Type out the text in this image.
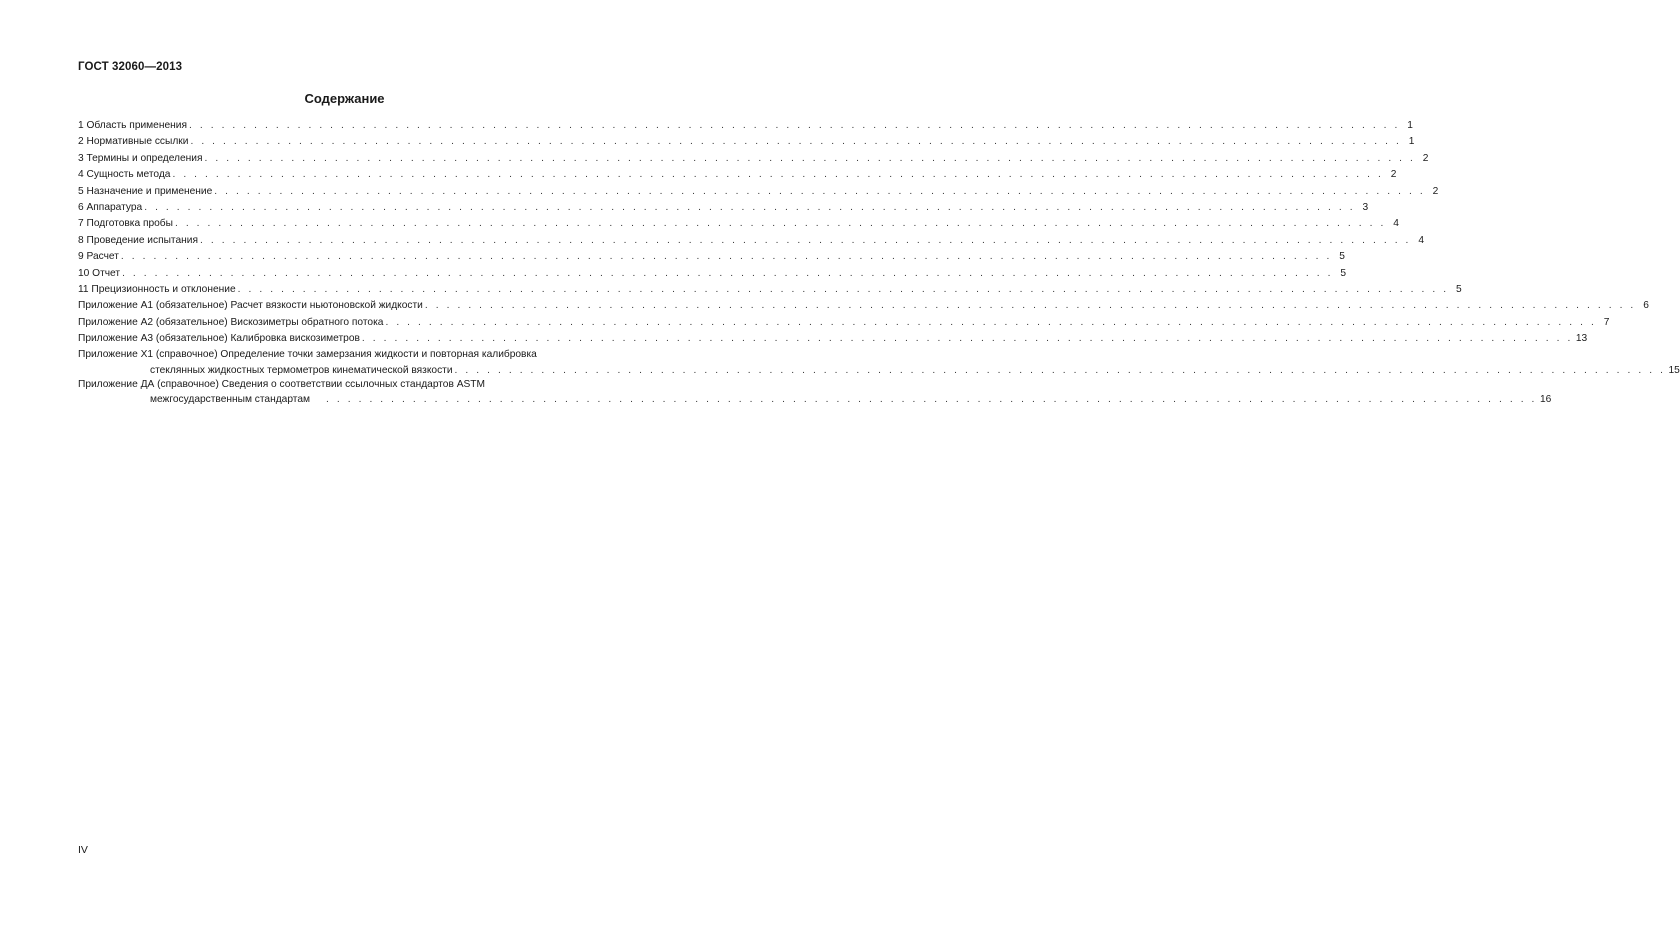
ГОСТ 32060—2013
Содержание
1 Область применения . . . . . . . . . . . . . . . . . . . . . . . . . . . . . . . . . . . . . . . . . . . . . . . . . . . . . . . . . . . . . . . . . . . . . . . . . . . . . . . . . . . . . . . . . . . . . . . . . . . . . . . . . . . . . . . . 1
2 Нормативные ссылки . . . . . . . . . . . . . . . . . . . . . . . . . . . . . . . . . . . . . . . . . . . . . . . . . . . . . . . . . . . . . . . . . . . . . . . . . . . . . . . . . . . . . . . . . . . . . . . . . . . . . . . . . . . . . . . . 1
3 Термины и определения . . . . . . . . . . . . . . . . . . . . . . . . . . . . . . . . . . . . . . . . . . . . . . . . . . . . . . . . . . . . . . . . . . . . . . . . . . . . . . . . . . . . . . . . . . . . . . . . . . . . . . . . . . . . . . . . 2
4 Сущность метода . . . . . . . . . . . . . . . . . . . . . . . . . . . . . . . . . . . . . . . . . . . . . . . . . . . . . . . . . . . . . . . . . . . . . . . . . . . . . . . . . . . . . . . . . . . . . . . . . . . . . . . . . . . . . . . . 2
5 Назначение и применение . . . . . . . . . . . . . . . . . . . . . . . . . . . . . . . . . . . . . . . . . . . . . . . . . . . . . . . . . . . . . . . . . . . . . . . . . . . . . . . . . . . . . . . . . . . . . . . . . . . . . . . . . . . . . . . . 2
6 Аппаратура . . . . . . . . . . . . . . . . . . . . . . . . . . . . . . . . . . . . . . . . . . . . . . . . . . . . . . . . . . . . . . . . . . . . . . . . . . . . . . . . . . . . . . . . . . . . . . . . . . . . . . . . . . . . . . . . 3
7 Подготовка пробы . . . . . . . . . . . . . . . . . . . . . . . . . . . . . . . . . . . . . . . . . . . . . . . . . . . . . . . . . . . . . . . . . . . . . . . . . . . . . . . . . . . . . . . . . . . . . . . . . . . . . . . . . . . . . . . . 4
8 Проведение испытания . . . . . . . . . . . . . . . . . . . . . . . . . . . . . . . . . . . . . . . . . . . . . . . . . . . . . . . . . . . . . . . . . . . . . . . . . . . . . . . . . . . . . . . . . . . . . . . . . . . . . . . . . . . . . . . . 4
9 Расчет . . . . . . . . . . . . . . . . . . . . . . . . . . . . . . . . . . . . . . . . . . . . . . . . . . . . . . . . . . . . . . . . . . . . . . . . . . . . . . . . . . . . . . . . . . . . . . . . . . . . . . . . . . . . . . . . 5
10 Отчет . . . . . . . . . . . . . . . . . . . . . . . . . . . . . . . . . . . . . . . . . . . . . . . . . . . . . . . . . . . . . . . . . . . . . . . . . . . . . . . . . . . . . . . . . . . . . . . . . . . . . . . . . . . . . . . . 5
11 Прецизионность и отклонение . . . . . . . . . . . . . . . . . . . . . . . . . . . . . . . . . . . . . . . . . . . . . . . . . . . . . . . . . . . . . . . . . . . . . . . . . . . . . . . . . . . . . . . . . . . . . . . . . . . . . . . . . . . . . . . . 5
Приложение А1 (обязательное) Расчет вязкости ньютоновской жидкости . . . . . . . . . . . . . . . . . . . . . . . . . . . . . . . . . . . . . . . . . . . . . . . . . . . . . . . . . . . . . . . . . . . . . . . . . . . . . . . . . . . . . . . . . . . . . . . . . . . . . . . . . . . . . . . . 6
Приложение А2 (обязательное) Вискозиметры обратного потока . . . . . . . . . . . . . . . . . . . . . . . . . . . . . . . . . . . . . . . . . . . . . . . . . . . . . . . . . . . . . . . . . . . . . . . . . . . . . . . . . . . . . . . . . . . . . . . . . . . . . . . . . . . . . . . . 7
Приложение А3 (обязательное) Калибровка вискозиметров . . . . . . . . . . . . . . . . . . . . . . . . . . . . . . . . . . . . . . . . . . . . . . . . . . . . . . . . . . . . . . . . . . . . . . . . . . . . . . . . . . . . . . . . . . . . . . . . . . . . . . . . . . . . . . . . 13
Приложение Х1 (справочное) Определение точки замерзания жидкости и повторная калибровка
стеклянных жидкостных термометров кинематической вязкости . . . . . . . . . . . . . . . . . . . . . . . . . . . . . . . . . . . . . . . . . . . . . . . . . . . . . . . . . . . . . . . . . . . . . . . . . . . . . . . . . . . . . . . . . . . . . . . . . . . . . . . . . . . . . . . . 15
Приложение ДА (справочное) Сведения о соответствии ссылочных стандартов ASTM
межгосударственным стандартам . . . . . . . . . . . . . . . . . . . . . . . . . . . . . . . . . . . . . . . . . . . . . . . . . . . . . . . . . . . . . . . . . . . . . . . . . . . . . . . . . . . . . . . . . . . . . . . . . . . . . . . . . . . . . . . . 16
IV
